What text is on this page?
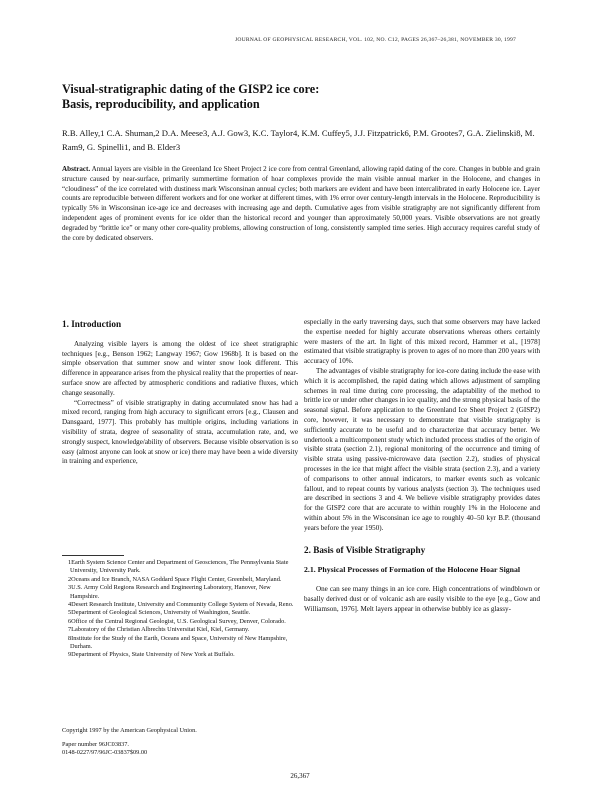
JOURNAL OF GEOPHYSICAL RESEARCH, VOL. 102, NO. C12, PAGES 26,367–26,381, NOVEMBER 30, 1997
Visual-stratigraphic dating of the GISP2 ice core:
Basis, reproducibility, and application
R.B. Alley,1 C.A. Shuman,2 D.A. Meese3, A.J. Gow3, K.C. Taylor4, K.M. Cuffey5, J.J. Fitzpatrick6, P.M. Grootes7, G.A. Zielinski8, M. Ram9, G. Spinelli1, and B. Elder3
Abstract. Annual layers are visible in the Greenland Ice Sheet Project 2 ice core from central Greenland, allowing rapid dating of the core. Changes in bubble and grain structure caused by near-surface, primarily summertime formation of hoar complexes provide the main visible annual marker in the Holocene, and changes in “cloudiness” of the ice correlated with dustiness mark Wisconsinan annual cycles; both markers are evident and have been intercalibrated in early Holocene ice. Layer counts are reproducible between different workers and for one worker at different times, with 1% error over century-length intervals in the Holocene. Reproducibility is typically 5% in Wisconsinan ice-age ice and decreases with increasing age and depth. Cumulative ages from visible stratigraphy are not significantly different from independent ages of prominent events for ice older than the historical record and younger than approximately 50,000 years. Visible observations are not greatly degraded by “brittle ice” or many other core-quality problems, allowing construction of long, consistently sampled time series. High accuracy requires careful study of the core by dedicated observers.
1. Introduction

Analyzing visible layers is among the oldest of ice sheet stratigraphic techniques [e.g., Benson 1962; Langway 1967; Gow 1968b]. It is based on the simple observation that summer snow and winter snow look different. This difference in appearance arises from the physical reality that the properties of near-surface snow are affected by atmospheric conditions and radiative fluxes, which change seasonally.

“Correctness” of visible stratigraphy in dating accumulated snow has had a mixed record, ranging from high accuracy to significant errors [e.g., Clausen and Dansgaard, 1977]. This probably has multiple origins, including variations in visibility of strata, degree of seasonality of strata, accumulation rate, and, we strongly suspect, knowledge/ability of observers. Because visible observation is so easy (almost anyone can look at snow or ice) there may have been a wide diversity in training and experience,

1Earth System Science Center and Department of Geosciences, The Pennsylvania State University, University Park.

2Oceans and Ice Branch, NASA Goddard Space Flight Center, Greenbelt, Maryland.

3U.S. Army Cold Regions Research and Engineering Laboratory, Hanover, New Hampshire.

4Desert Research Institute, University and Community College System of Nevada, Reno.

5Department of Geological Sciences, University of Washington, Seattle.

6Office of the Central Regional Geologist, U.S. Geological Survey, Denver, Colorado.

7Laboratory of the Christian Albrechts Universitat Kiel, Kiel, Germany.

8Institute for the Study of the Earth, Oceans and Space, University of New Hampshire, Durham.

9Department of Physics, State University of New York at Buffalo.

Copyright 1997 by the American Geophysical Union.
Paper number 96JC03837.
0148-0227/97/96JC-03837$09.00

especially in the early traversing days, such that some observers may have lacked the expertise needed for highly accurate observations whereas others certainly were masters of the art. In light of this mixed record, Hammer et al., [1978] estimated that visible stratigraphy is proven to ages of no more than 200 years with accuracy of 10%.

The advantages of visible stratigraphy for ice-core dating include the ease with which it is accomplished, the rapid dating which allows adjustment of sampling schemes in real time during core processing, the adaptability of the method to brittle ice or under other changes in ice quality, and the strong physical basis of the seasonal signal. Before application to the Greenland Ice Sheet Project 2 (GISP2) core, however, it was necessary to demonstrate that visible stratigraphy is sufficiently accurate to be useful and to characterize that accuracy better. We undertook a multicomponent study which included process studies of the origin of visible strata (section 2.1), regional monitoring of the occurrence and timing of visible strata using passive-microwave data (section 2.2), studies of physical processes in the ice that might affect the visible strata (section 2.3), and a variety of comparisons to other annual indicators, to marker events such as volcanic fallout, and to repeat counts by various analysts (section 3). The techniques used are described in sections 3 and 4. We believe visible stratigraphy provides dates for the GISP2 core that are accurate to within roughly 1% in the Holocene and within about 5% in the Wisconsinan ice age to roughly 40–50 kyr B.P. (thousand years before the year 1950).

2. Basis of Visible Stratigraphy
2.1. Physical Processes of Formation of the Holocene Hoar Signal

One can see many things in an ice core. High concentrations of windblown or basally derived dust or of volcanic ash are easily visible to the eye [e.g., Gow and Williamson, 1976]. Melt layers appear in otherwise bubbly ice as glassy-

26,367
